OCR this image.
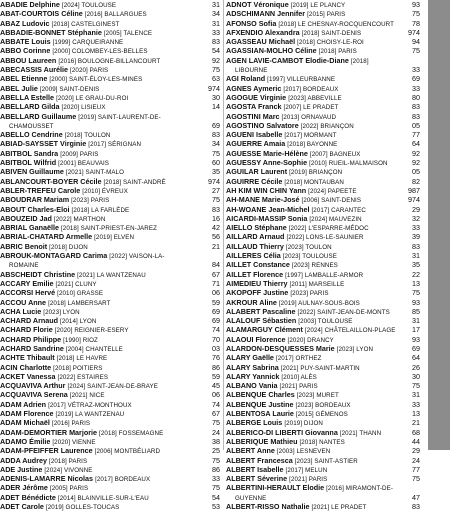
ABADIE Delphine [2024] TOULOUSE	31
ABAT-COURTOIS Céline [2016] BALLARGUES	34
ABAZ Ludovic [2018] CASTELGINEST	31
ABBADIE-BONNET Stéphanie [2005] TALENCE	33
ABBATE Louis [1999] CARQUEIRANNE	83
ABBO Corinne [2000] COLOMBEY-LES-BELLES	54
ABBOU Laureen [2016] BOULOGNE-BILLANCOURT	92
ABECASSIS Aurélie [2020] PARIS	75
ABEL Etienne [2000] SAINT-ÉLOY-LES-MINES	63
ABEL Julie [2009] SAINT-DENIS	974
ABELLA Estelle [2020] LE GRAU-DU-ROI	30
ABELLARD Gilda [2020] LISIEUX	14
ABELLARD Guillaume [2019] SAINT-LAURENT-DE-
CHAMOUSSET	69
ABELLO Cendrine [2018] TOULON	83
ABIAD-SAYSSET Virginie [2017] SÉRIGNAN	34
ABITBOL Sandra [2009] PARIS	75
ABITBOL Wilfrid [2001] BEAUVAIS	60
ABIVEN Guillaume [2021] SAINT-MALO	35
ABLANCOURT-BOYER Cécile [2018] SAINT-ANDRÉ	974
ABLER-TREFEU Carole [2010] ÉVREUX	27
ABOUDRAR Mariam [2023] PARIS	75
ABOUT Charles-Eloi [2018] LA FARLÈDE	83
ABOUZEID Jad [2022] MARTHON	16
ABRIAL Ganaëlle [2018] SAINT-PRIEST-EN-JAREZ	42
ABRIAL-CHATARD Armelle [2019] ELVEN	56
ABRIC Benoit [2018] DIJON	21
ABROUK-MONTAGARD Carima [2022] VAISON-LA-
ROMAINE	84
ABSCHEIDT Christine [2021] LA WANTZENAU	67
ACCARY Emilie [2021] CLUNY	71
ACCORSI Hervé [2010] GRASSE	06
ACCOU Anne [2018] LAMBERSART	59
ACHA Lucie [2023] LYON	69
ACHARD Arnaud [2014] LYON	69
ACHARD Florie [2020] REIGNIER-ESERY	74
ACHARD Philippe [1990] RIOZ	70
ACHARD Sandrine [2004] CHANTELLE	03
ACHTE Thibault [2018] LE HAVRE	76
ACIN Charlotte [2018] POITIERS	86
ACKET Vanessa [2022] ESTAIRES	59
ACQUAVIVA Arthur [2024] SAINT-JEAN-DE-BRAYE	45
ACQUAVIVA Serena [2021] NICE	06
ADAM Adrien [2017] VÉTRAZ-MONTHOUX	74
ADAM Florence [2019] LA WANTZENAU	67
ADAM Michaël [2016] PARIS	75
ADAM-DEMORTIER Marjorie [2018] FOSSEMAGNE	24
ADAMO Émilie [2020] VIENNE	38
ADAM-PFEIFFER Laurence [2006] MONTBÉLIARD	25
ADDA Audrey [2018] PARIS	75
ADE Justine [2024] VIVONNE	86
ADENIS-LAMARRE Nicolas [2017] BORDEAUX	33
ADER Jérôme [2005] PARIS	75
ADET Bénédicte [2014] BLAINVILLE-SUR-L'EAU	54
ADET Carole [2019] GOLLES-TOUCAS	53
ADNOT Véronique [2019] LE PLANCY	93
ADSCHIMANN Jennifer [2015] PARIS	75
AFONSO Sofia [2018] LE CHESNAY-ROCQUENCOURT	78
AFXENDIO Alexandra [2018] SAINT-DENIS	974
AGASSEAU Michaël [2018] CHOISY-LE-ROI	94
AGASSIAN-MOLHO Céline [2018] PARIS	75
AGEN LAVIE-CAMBOT Elodie-Diane [2018]
LIBOURNE	33
AGI Roland [1997] VILLEURBANNE	69
AGNES Aymeric [2017] BORDEAUX	33
AGOGUE Virginie [2023] ABBEVILLE	80
AGOSTA Franck [2007] LE PRADET	83
AGOSTINI Marc [2013] ORNAVAUD	83
AGOSTINO Salvatore [2022] BRIANÇON	05
AGUENI Isabelle [2017] MORMANT	77
AGUERRE Amaia [2018] BAYONNE	64
AGUESSE Marie-Hélène [2007] BAGNEUX	92
AGUESSY Anne-Sophie [2010] RUEIL-MALMAISON	92
AGUILAR Laurent [2019] BRIANÇON	05
AGUIRRE Cécile [2018] MONTAUBAN	82
AH KIM WIN CHIN Yann [2024] PAPEETE	987
AH-MANE Marie-José [2006] SAINT-DENIS	974
AH-WOANE Jean-Michel [2017] CARANTEC	29
AICARDI-MASSIP Sonia [2024] MAUVEZIN	32
AIELLO Stéphane [2022] L'ESPARRE-MÉDOC	33
AILLARD Arnaud [2022] LONS-LE-SAUNIER	39
AILLAUD Thierry [2023] TOULON	83
AILLERES Célia [2023] TOULOUSE	31
AILLET Constance [2023] RENNES	35
AILLET Florence [1997] LAMBALLE-ARMOR	22
AIMEDIEU Thierry [2011] MARSEILLE	13
AKOPOFF Justine [2023] PARIS	75
AKROUR Aline [2019] AULNAY-SOUS-BOIS	93
ALABERT Pascaline [2022] SAINT-JEAN-DE-MONTS	85
ALALOUF Sébastien [2003] TOULOUSE	31
ALAMARGUY Clément [2024] CHÂTELAILLON-PLAGE 17
ALAOUI Florence [2020] DRANCY	93
ALARDON-DESQUESSES Marie [2023] LYON	69
ALARY Gaëlle [2017] ORTHEZ	64
ALARY Sabrina [2021] PUY-SAINT-MARTIN	26
ALARY Yannick [2010] ALÈS	30
ALBANO Vania [2021] PARIS	75
ALBENQUE Charles [2023] MURET	31
ALBENQUE Justine [2023] BORDEAUX	33
ALBENTOSA Laurie [2015] GÉMENOS	13
ALBERGE Louis [2019] DIJON	21
ALBERICO-DI LIBERTI Giovanna [2021] THANN	68
ALBERIQUE Mathieu [2018] NANTES	44
ALBERT Anne [2003] LESNEVEN	29
ALBERT Francesca [2023] SAINT-ASTIER	24
ALBERT Isabelle [2017] MELUN	77
ALBERT Séverine [2021] PARIS	75
ALBERTINI-HERAULT Elodie [2016] MIRAMONT-DE-
GUYENNE	47
ALBERT-RISSO Nathalie [2021] LE PRADET	83
